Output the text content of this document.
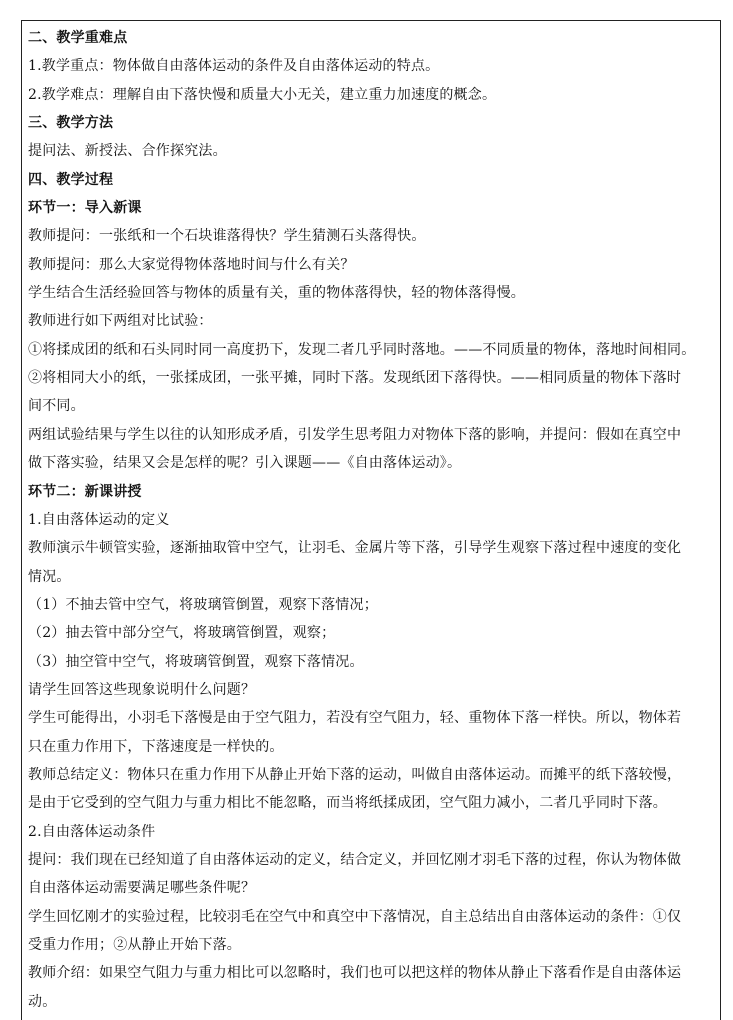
二、教学重难点
1.教学重点：物体做自由落体运动的条件及自由落体运动的特点。
2.教学难点：理解自由下落快慢和质量大小无关，建立重力加速度的概念。
三、教学方法
提问法、新授法、合作探究法。
四、教学过程
环节一：导入新课
教师提问：一张纸和一个石块谁落得快？学生猜测石头落得快。
教师提问：那么大家觉得物体落地时间与什么有关？
学生结合生活经验回答与物体的质量有关，重的物体落得快，轻的物体落得慢。
教师进行如下两组对比试验：
①将揉成团的纸和石头同时同一高度扔下，发现二者几乎同时落地。——不同质量的物体，落地时间相同。
②将相同大小的纸，一张揉成团，一张平摊，同时下落。发现纸团下落得快。——相同质量的物体下落时
间不同。
两组试验结果与学生以往的认知形成矛盾，引发学生思考阻力对物体下落的影响，并提问：假如在真空中
做下落实验，结果又会是怎样的呢？引入课题——《自由落体运动》。
环节二：新课讲授
1.自由落体运动的定义
教师演示牛顿管实验，逐渐抽取管中空气，让羽毛、金属片等下落，引导学生观察下落过程中速度的变化
情况。
（1）不抽去管中空气，将玻璃管倒置，观察下落情况；
（2）抽去管中部分空气，将玻璃管倒置，观察；
（3）抽空管中空气，将玻璃管倒置，观察下落情况。
请学生回答这些现象说明什么问题？
学生可能得出，小羽毛下落慢是由于空气阻力，若没有空气阻力，轻、重物体下落一样快。所以，物体若
只在重力作用下，下落速度是一样快的。
教师总结定义：物体只在重力作用下从静止开始下落的运动，叫做自由落体运动。而摊平的纸下落较慢，
是由于它受到的空气阻力与重力相比不能忽略，而当将纸揉成团，空气阻力减小，二者几乎同时下落。
2.自由落体运动条件
提问：我们现在已经知道了自由落体运动的定义，结合定义，并回忆刚才羽毛下落的过程，你认为物体做
自由落体运动需要满足哪些条件呢？
学生回忆刚才的实验过程，比较羽毛在空气中和真空中下落情况，自主总结出自由落体运动的条件：①仅
受重力作用；②从静止开始下落。
教师介绍：如果空气阻力与重力相比可以忽略时，我们也可以把这样的物体从静止下落看作是自由落体运
动。
